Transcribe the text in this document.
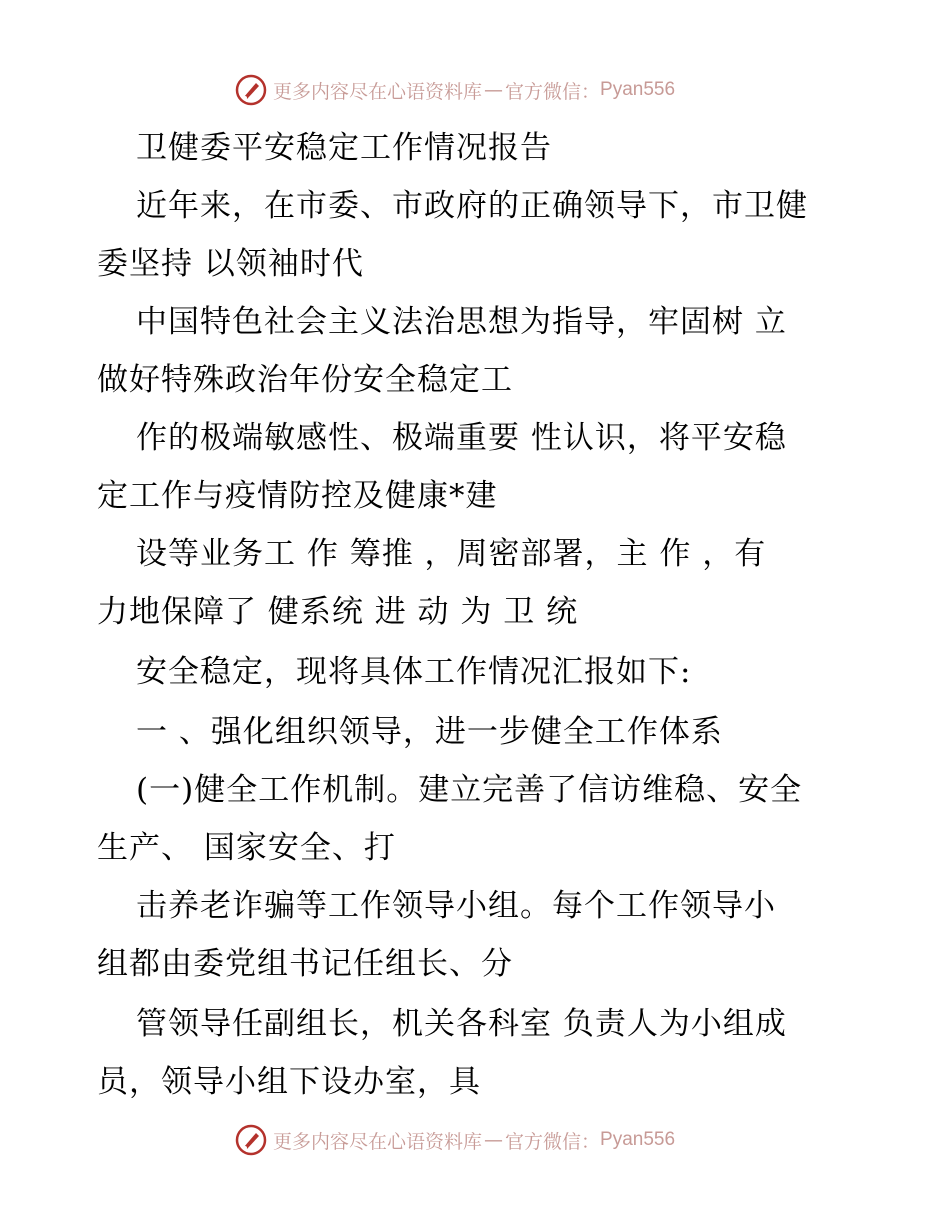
更多内容尽在心语资料库 — 官方微信： Pyan556
卫健委平安稳定工作情况报告
近年来，在市委、市政府的正确领导下，市卫健
委坚持 以领袖时代
中国特色社会主义法治思想为指导，牢固树 立
做好特殊政治年份安全稳定工
作的极端敏感性、极端重要 性认识，将平安稳
定工作与疫情防控及健康*建
设等业务工 作 筹推 ，周密部署，主 作 ，有
力地保障了 健系统 进 动 为 卫 统
安全稳定，现将具体工作情况汇报如下:
一 、强化组织领导，进一步健全工作体系
(一)健全工作机制。建立完善了信访维稳、安全
生产、 国家安全、打
击养老诈骗等工作领导小组。每个工作领导小
组都由委党组书记任组长、分
管领导任副组长，机关各科室 负责人为小组成
员，领导小组下设办室，具
更多内容尽在心语资料库 — 官方微信： Pyan556
